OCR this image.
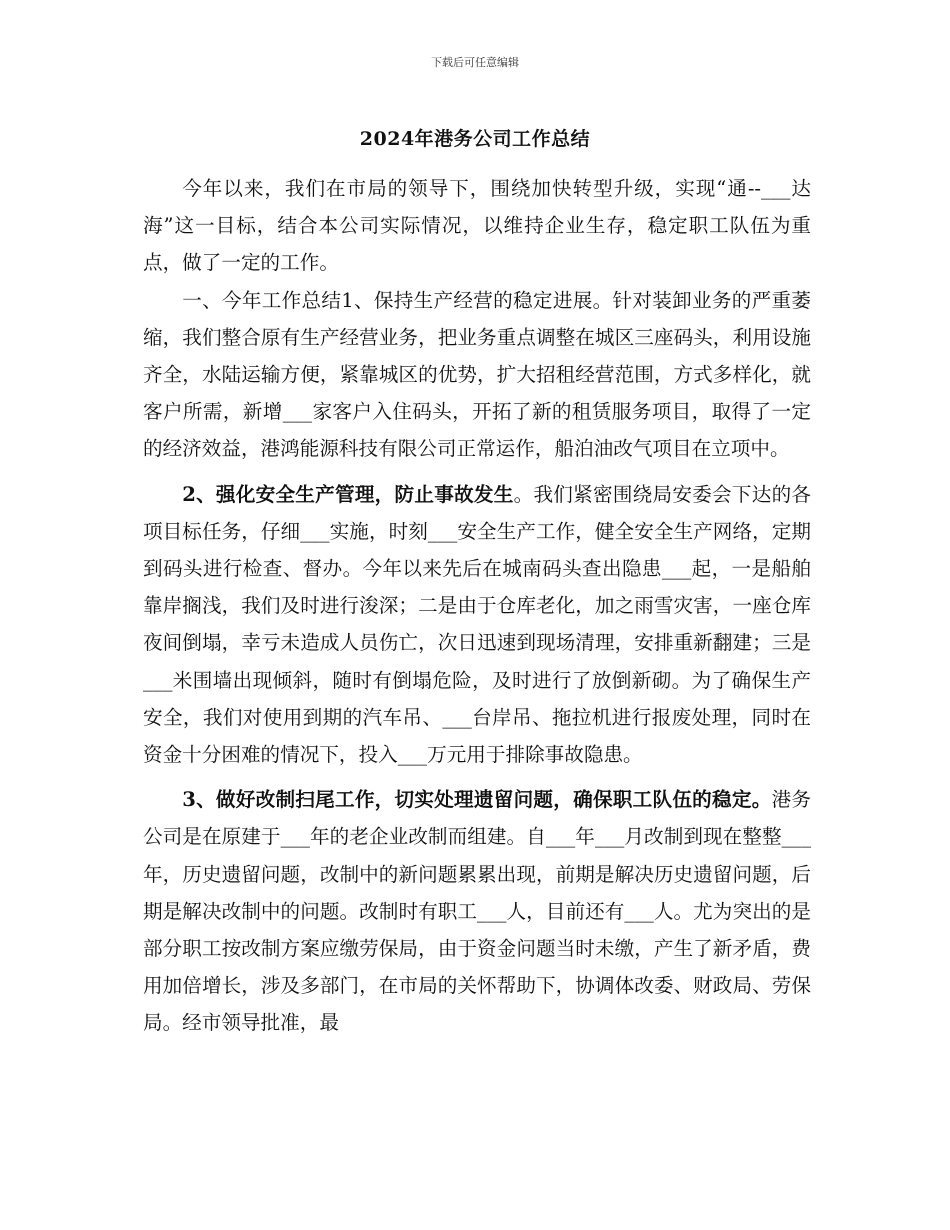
下载后可任意编辑
2024年港务公司工作总结

今年以来，我们在市局的领导下，围绕加快转型升级，实现“通--___达海”这一目标，结合本公司实际情况，以维持企业生存，稳定职工队伍为重点，做了一定的工作。

一、今年工作总结1、保持生产经营的稳定进展。针对装卸业务的严重萎缩，我们整合原有生产经营业务，把业务重点调整在城区三座码头，利用设施齐全，水陆运输方便，紧靠城区的优势，扩大招租经营范围，方式多样化，就客户所需，新增___家客户入住码头，开拓了新的租赁服务项目，取得了一定的经济效益，港鸿能源科技有限公司正常运作，船泊油改气项目在立项中。

2、强化安全生产管理，防止事故发生。我们紧密围绕局安委会下达的各项目标任务，仔细___实施，时刻___安全生产工作，健全安全生产网络，定期到码头进行检查、督办。今年以来先后在城南码头查出隐患___起，一是船舶靠岸搁浅，我们及时进行浚深；二是由于仓库老化，加之雨雪灾害，一座仓库夜间倒塌，幸亏未造成人员伤亡，次日迅速到现场清理，安排重新翻建；三是___米围墙出现倾斜，随时有倒塌危险，及时进行了放倒新砌。为了确保生产安全，我们对使用到期的汽车吊、___台岸吊、拖拉机进行报废处理，同时在资金十分困难的情况下，投入___万元用于排除事故隐患。

3、做好改制扫尾工作，切实处理遗留问题，确保职工队伍的稳定。港务公司是在原建于___年的老企业改制而组建。自___年___月改制到现在整整___年，历史遗留问题，改制中的新问题累累出现，前期是解决历史遗留问题，后期是解决改制中的问题。改制时有职工___人，目前还有___人。尤为突出的是部分职工按改制方案应缴劳保局，由于资金问题当时未缴，产生了新矛盾，费用加倍增长，涉及多部门，在市局的关怀帮助下，协调体改委、财政局、劳保局。经市领导批准，最
